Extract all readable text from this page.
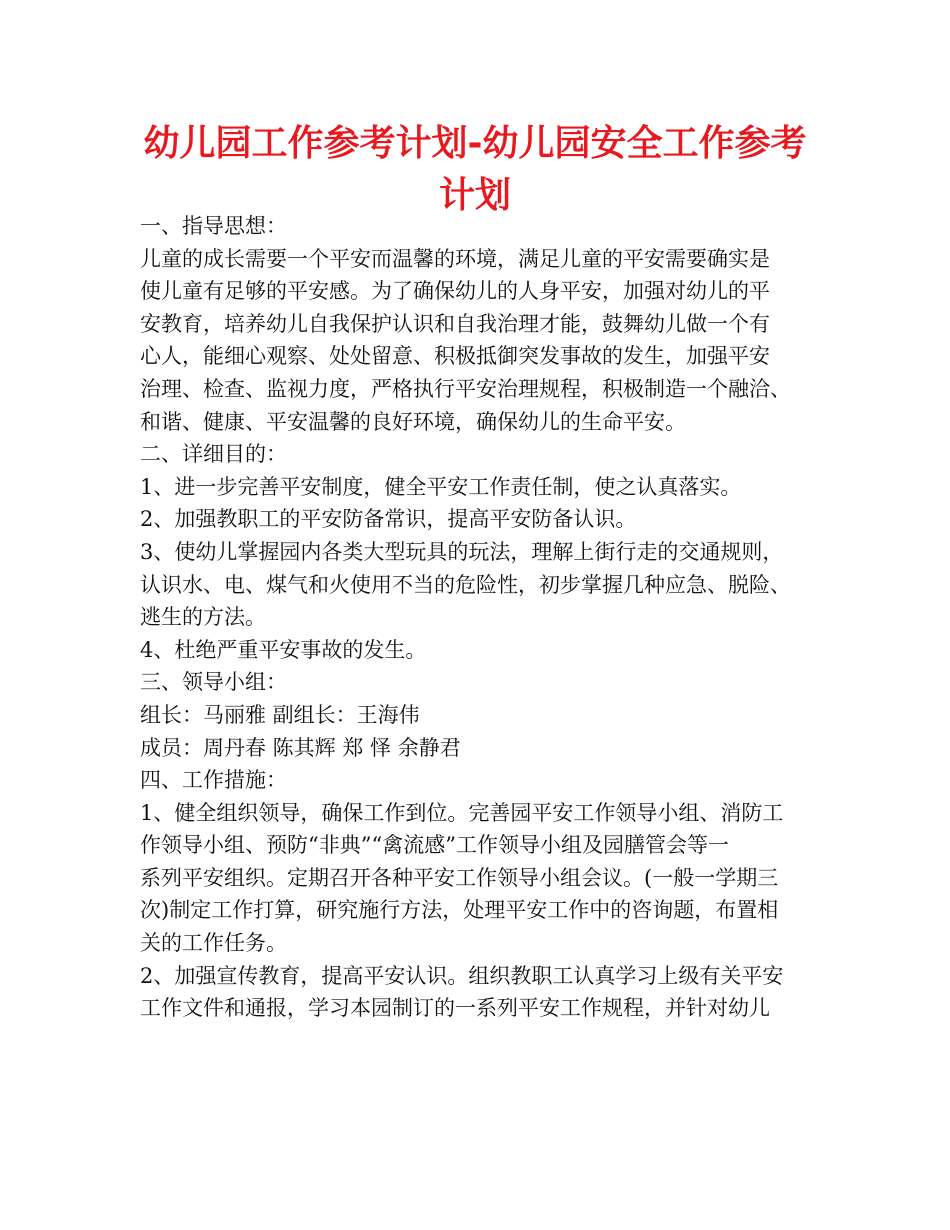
幼儿园工作参考计划-幼儿园安全工作参考
计划

一、指导思想：

儿童的成长需要一个平安而温馨的环境，满足儿童的平安需要确实是

使儿童有足够的平安感。为了确保幼儿的人身平安，加强对幼儿的平

安教育，培养幼儿自我保护认识和自我治理才能，鼓舞幼儿做一个有

心人，能细心观察、处处留意、积极抵御突发事故的发生，加强平安

治理、检查、监视力度，严格执行平安治理规程，积极制造一个融洽、

和谐、健康、平安温馨的良好环境，确保幼儿的生命平安。

二、详细目的：

1、进一步完善平安制度，健全平安工作责任制，使之认真落实。

2、加强教职工的平安防备常识，提高平安防备认识。

3、使幼儿掌握园内各类大型玩具的玩法，理解上街行走的交通规则，

认识水、电、煤气和火使用不当的危险性，初步掌握几种应急、脱险、

逃生的方法。

4、杜绝严重平安事故的发生。

三、领导小组：

组长：马丽雅 副组长：王海伟

成员：周丹春 陈其辉 郑 怿 余静君

四、工作措施：

1、健全组织领导，确保工作到位。完善园平安工作领导小组、消防工

作领导小组、预防“非典”“禽流感”工作领导小组及园膳管会等一

系列平安组织。定期召开各种平安工作领导小组会议。(一般一学期三

次)制定工作打算，研究施行方法，处理平安工作中的咨询题，布置相

关的工作任务。

2、加强宣传教育，提高平安认识。组织教职工认真学习上级有关平安

工作文件和通报，学习本园制订的一系列平安工作规程，并针对幼儿
